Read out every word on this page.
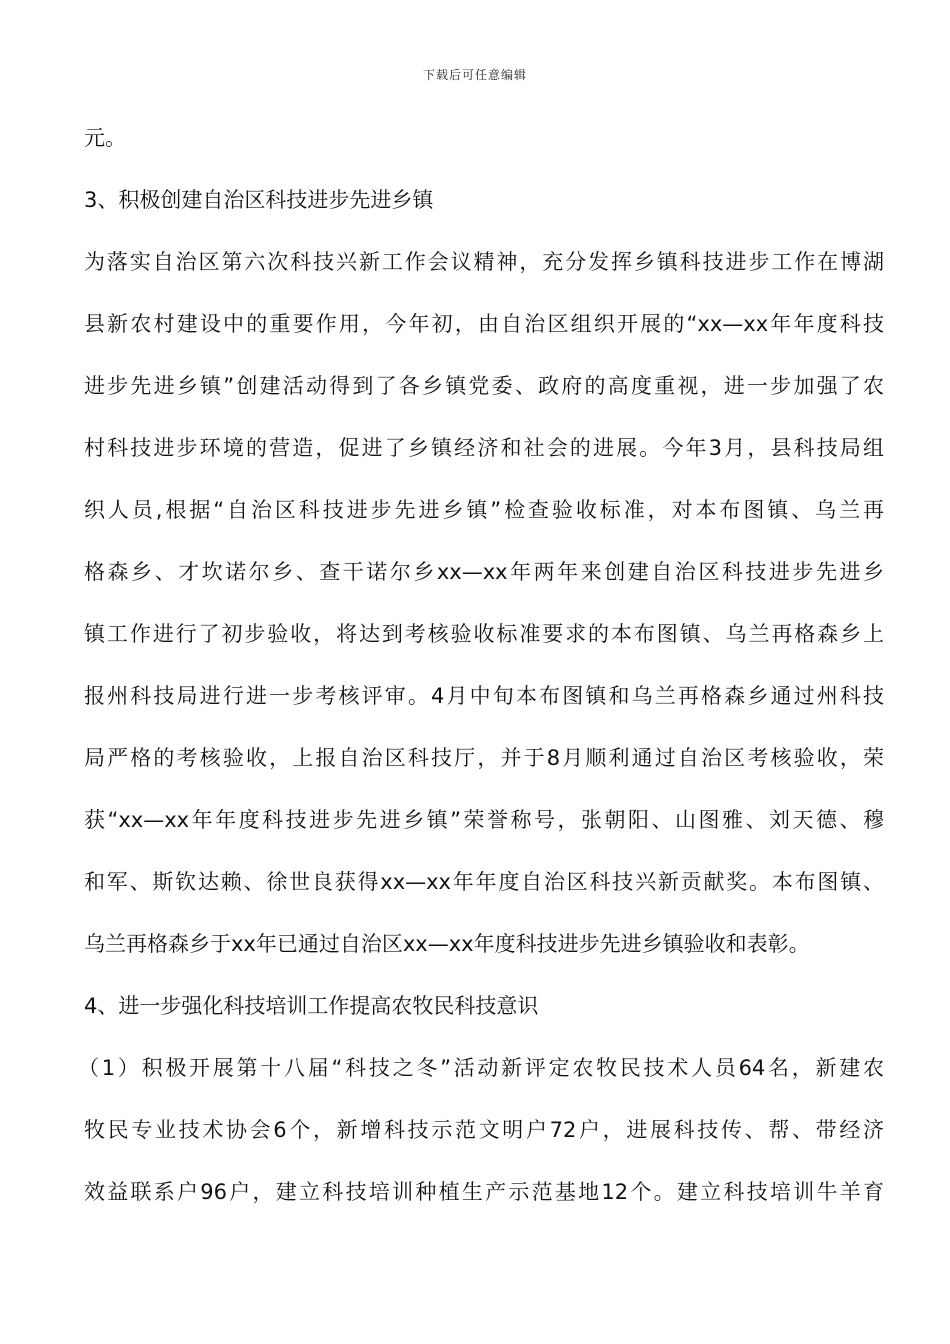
下载后可任意编辑
元。
3、积极创建自治区科技进步先进乡镇
为落实自治区第六次科技兴新工作会议精神，充分发挥乡镇科技进步工作在博湖
县新农村建设中的重要作用，今年初，由自治区组织开展的“xx—xx年年度科技
进步先进乡镇”创建活动得到了各乡镇党委、政府的高度重视，进一步加强了农
村科技进步环境的营造，促进了乡镇经济和社会的进展。今年3月，县科技局组
织人员,根据“自治区科技进步先进乡镇”检查验收标准，对本布图镇、乌兰再
格森乡、才坎诺尔乡、查干诺尔乡xx—xx年两年来创建自治区科技进步先进乡
镇工作进行了初步验收，将达到考核验收标准要求的本布图镇、乌兰再格森乡上
报州科技局进行进一步考核评审。4月中旬本布图镇和乌兰再格森乡通过州科技
局严格的考核验收，上报自治区科技厅，并于8月顺利通过自治区考核验收，荣
获“xx—xx年年度科技进步先进乡镇”荣誉称号，张朝阳、山图雅、刘天德、穆
和军、斯钦达赖、徐世良获得xx—xx年年度自治区科技兴新贡献奖。本布图镇、
乌兰再格森乡于xx年已通过自治区xx—xx年度科技进步先进乡镇验收和表彰。
4、进一步强化科技培训工作提高农牧民科技意识
（1）积极开展第十八届“科技之冬”活动新评定农牧民技术人员64名，新建农
牧民专业技术协会6个，新增科技示范文明户72户，进展科技传、帮、带经济
效益联系户96户，建立科技培训种植生产示范基地12个。建立科技培训牛羊育
